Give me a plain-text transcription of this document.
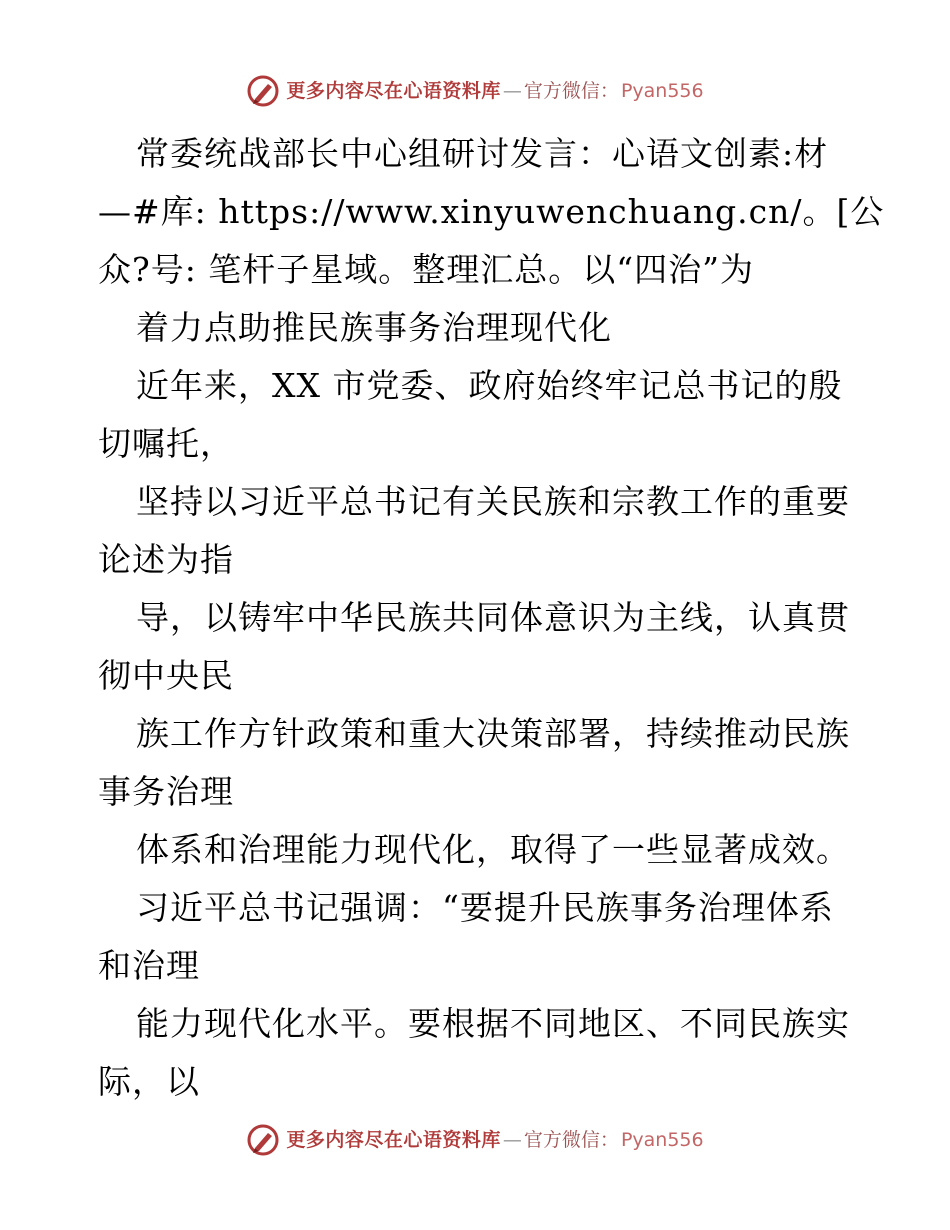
更多内容尽在心语资料库 — 官方微信： Pyan556
常委统战部长中心组研讨发言：心语文创素:材
—#库: https://www.xinyuwenchuang.cn/。[公
众?号: 笔杆子星域。整理汇总。以“四治”为
着力点助推民族事务治理现代化
近年来，XX 市党委、政府始终牢记总书记的殷
切嘱托，
坚持以习近平总书记有关民族和宗教工作的重要
论述为指
导，以铸牢中华民族共同体意识为主线，认真贯
彻中央民
族工作方针政策和重大决策部署，持续推动民族
事务治理
体系和治理能力现代化，取得了一些显著成效。
习近平总书记强调：“要提升民族事务治理体系
和治理
能力现代化水平。要根据不同地区、不同民族实
际，以
更多内容尽在心语资料库 — 官方微信： Pyan556
